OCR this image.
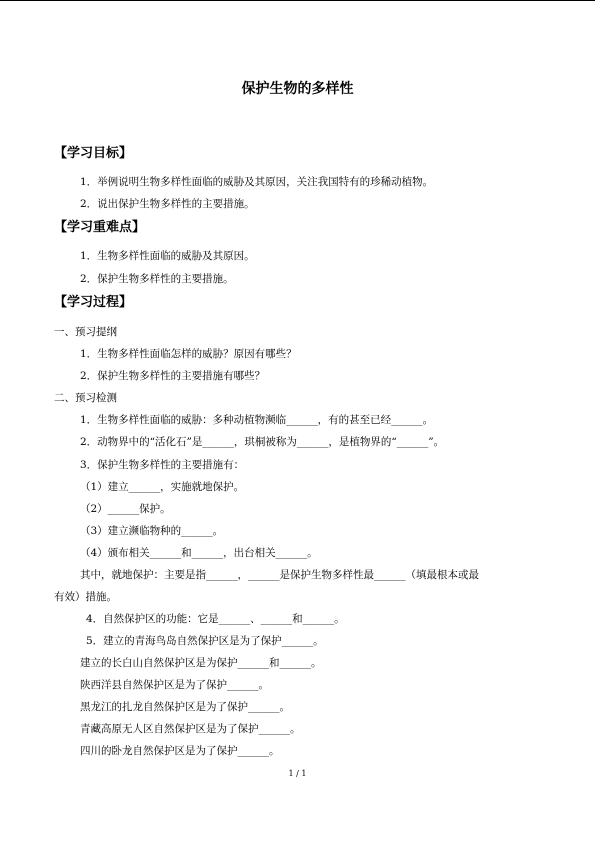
保护生物的多样性
【学习目标】
1．举例说明生物多样性面临的威胁及其原因，关注我国特有的珍稀动植物。
2．说出保护生物多样性的主要措施。
【学习重难点】
1．生物多样性面临的威胁及其原因。
2．保护生物多样性的主要措施。
【学习过程】
一、预习提纲
1．生物多样性面临怎样的威胁？原因有哪些？
2．保护生物多样性的主要措施有哪些？
二、预习检测
1．生物多样性面临的威胁：多种动植物濒临______，有的甚至已经______。
2．动物界中的“活化石”是______，珙桐被称为______，是植物界的“______”。
3．保护生物多样性的主要措施有：
（1）建立______，实施就地保护。
（2）______保护。
（3）建立濒临物种的______。
（4）颁布相关______和______，出台相关______。
其中，就地保护：主要是指______，______是保护生物多样性最______（填最根本或最
有效）措施。
4．自然保护区的功能：它是______、______和______。
5．建立的青海鸟岛自然保护区是为了保护______。
建立的长白山自然保护区是为保护______和______。
陕西洋县自然保护区是为了保护______。
黑龙江的扎龙自然保护区是为了保护______。
青藏高原无人区自然保护区是为了保护______。
四川的卧龙自然保护区是为了保护______。
1 / 1
